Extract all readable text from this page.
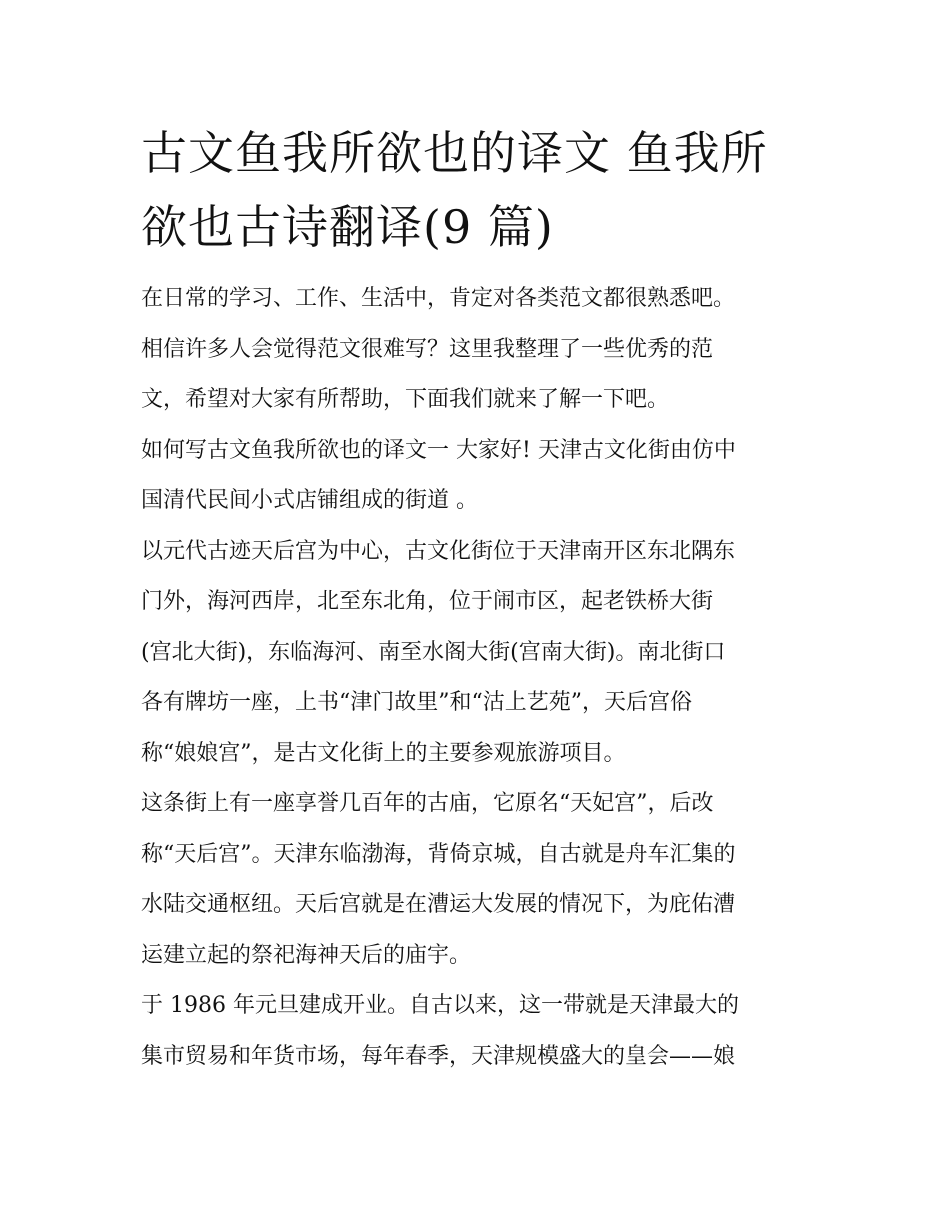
古文鱼我所欲也的译文 鱼我所
欲也古诗翻译(9 篇)

在日常的学习、工作、生活中，肯定对各类范文都很熟悉吧。
相信许多人会觉得范文很难写？这里我整理了一些优秀的范
文，希望对大家有所帮助，下面我们就来了解一下吧。

如何写古文鱼我所欲也的译文一 大家好! 天津古文化街由仿中
国清代民间小式店铺组成的街道 。

以元代古迹天后宫为中心，古文化街位于天津南开区东北隅东
门外，海河西岸，北至东北角，位于闹市区，起老铁桥大街
(宫北大街)，东临海河、南至水阁大街(宫南大街)。南北街口
各有牌坊一座，上书“津门故里”和“沽上艺苑”，天后宫俗
称“娘娘宫”，是古文化街上的主要参观旅游项目。

这条街上有一座享誉几百年的古庙，它原名“天妃宫”，后改
称“天后宫”。天津东临渤海，背倚京城，自古就是舟车汇集的
水陆交通枢纽。天后宫就是在漕运大发展的情况下，为庇佑漕
运建立起的祭祀海神天后的庙宇。

于 1986 年元旦建成开业。自古以来，这一带就是天津最大的
集市贸易和年货市场，每年春季，天津规模盛大的皇会——娘
